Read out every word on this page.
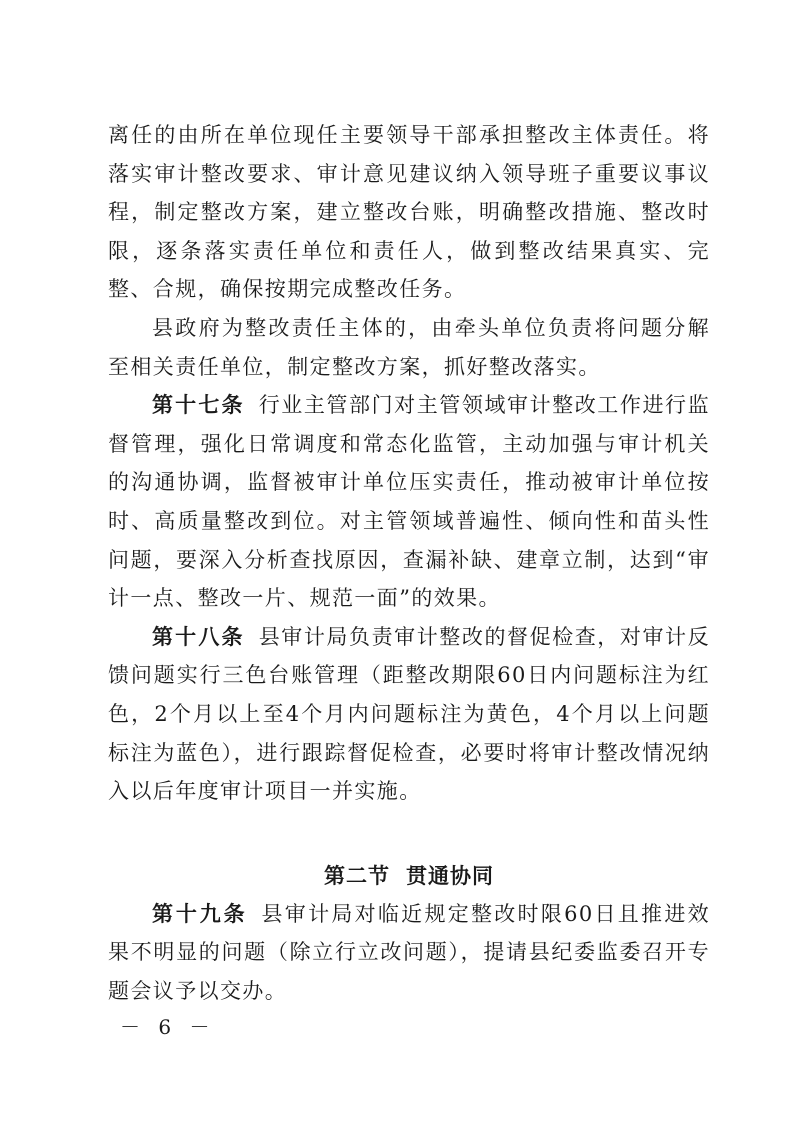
离任的由所在单位现任主要领导干部承担整改主体责任。将落实审计整改要求、审计意见建议纳入领导班子重要议事议程，制定整改方案，建立整改台账，明确整改措施、整改时限，逐条落实责任单位和责任人，做到整改结果真实、完整、合规，确保按期完成整改任务。

县政府为整改责任主体的，由牵头单位负责将问题分解至相关责任单位，制定整改方案，抓好整改落实。

第十七条 行业主管部门对主管领域审计整改工作进行监督管理，强化日常调度和常态化监管，主动加强与审计机关的沟通协调，监督被审计单位压实责任，推动被审计单位按时、高质量整改到位。对主管领域普遍性、倾向性和苗头性问题，要深入分析查找原因，查漏补缺、建章立制，达到“审计一点、整改一片、规范一面”的效果。

第十八条 县审计局负责审计整改的督促检查，对审计反馈问题实行三色台账管理（距整改期限60日内问题标注为红色，2个月以上至4个月内问题标注为黄色，4个月以上问题标注为蓝色），进行跟踪督促检查，必要时将审计整改情况纳入以后年度审计项目一并实施。

第二节 贯通协同

第十九条 县审计局对临近规定整改时限60日且推进效果不明显的问题（除立行立改问题），提请县纪委监委召开专题会议予以交办。

－ 6 －
